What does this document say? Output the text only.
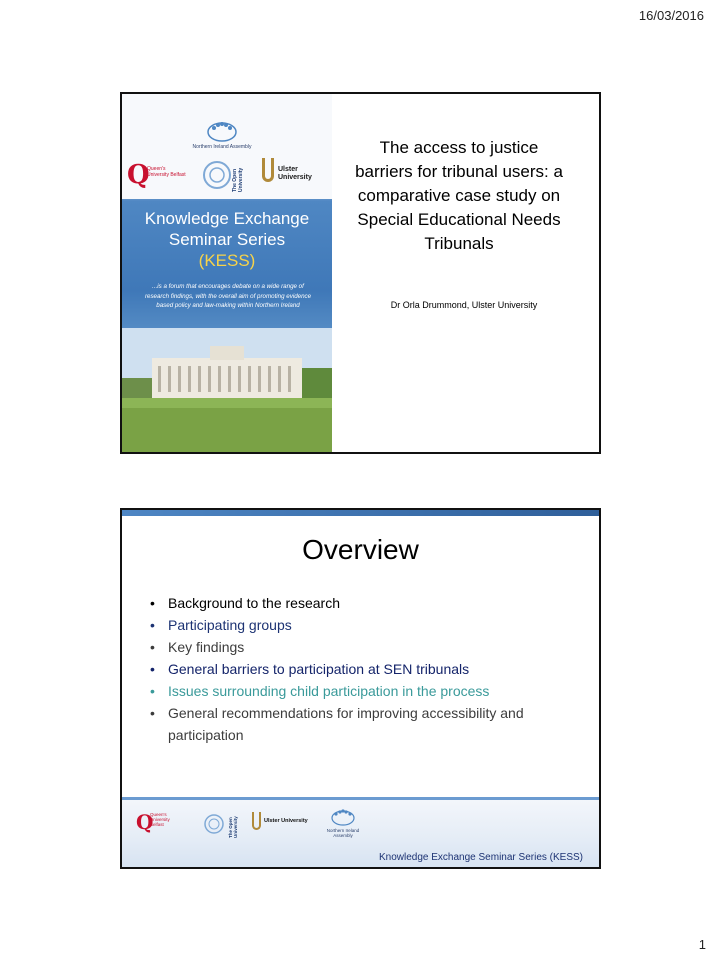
16/03/2016
Northern Ireland Assembly
Q
Queen's University Belfast	The Open University	Ulster University
Knowledge Exchange
Seminar Series
(KESS)
...is a forum that encourages debate on a wide range of research findings, with the overall aim of promoting evidence based policy and law-making within Northern Ireland
The access to justice barriers for tribunal users: a comparative case study on Special Educational Needs Tribunals
Dr Orla Drummond, Ulster University
Overview
• Background to the research
• Participating groups
• Key findings
• General barriers to participation at SEN tribunals
• Issues surrounding child participation in the process
• General recommendations for improving accessibility and participation
Q
Queen's University Belfast	The Open University	Ulster University
Northern Ireland Assembly
Knowledge Exchange Seminar Series (KESS)
1
